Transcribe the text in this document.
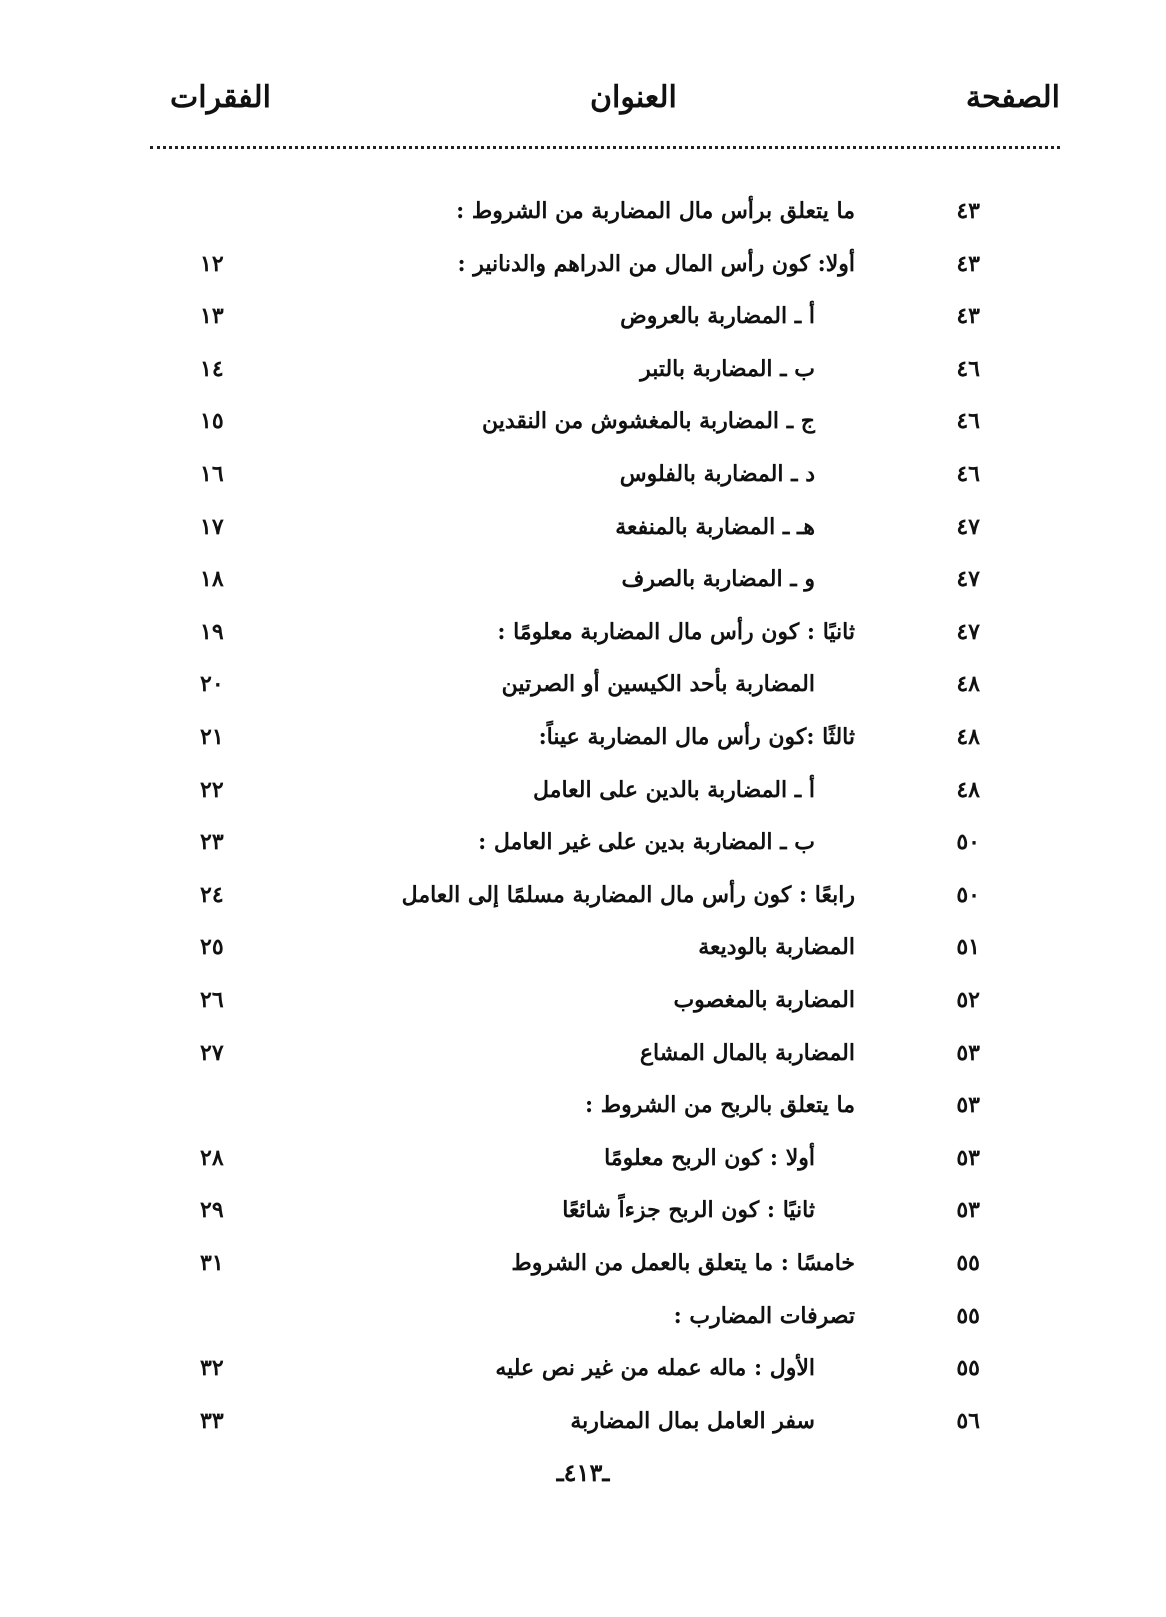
الصفحة
العنوان
الفقرات
٤٣
ما يتعلق برأس مال المضاربة من الشروط :
٤٣
أولا: كون رأس المال من الدراهم والدنانير :
١٢
٤٣
أ ـ المضاربة بالعروض
١٣
٤٦
ب ـ المضاربة بالتبر
١٤
٤٦
ج ـ المضاربة بالمغشوش من النقدين
١٥
٤٦
د ـ المضاربة بالفلوس
١٦
٤٧
هـ ـ المضاربة بالمنفعة
١٧
٤٧
و ـ المضاربة بالصرف
١٨
٤٧
ثانيًا : كون رأس مال المضاربة معلومًا :
١٩
٤٨
المضاربة بأحد الكيسين أو الصرتين
٢٠
٤٨
ثالثًا :كون رأس مال المضاربة عيناً:
٢١
٤٨
أ ـ المضاربة بالدين على العامل
٢٢
٥٠
ب ـ المضاربة بدين على غير العامل :
٢٣
٥٠
رابعًا : كون رأس مال المضاربة مسلمًا إلى العامل
٢٤
٥١
المضاربة بالوديعة
٢٥
٥٢
المضاربة بالمغصوب
٢٦
٥٣
المضاربة بالمال المشاع
٢٧
٥٣
ما يتعلق بالربح من الشروط :
٥٣
أولا : كون الربح معلومًا
٢٨
٥٣
ثانيًا : كون الربح جزءاً شائعًا
٢٩
٥٥
خامسًا : ما يتعلق بالعمل من الشروط
٣١
٥٥
تصرفات المضارب :
٥٥
الأول : ماله عمله من غير نص عليه
٣٢
٥٦
سفر العامل بمال المضاربة
٣٣
ـ٤١٣ـ
